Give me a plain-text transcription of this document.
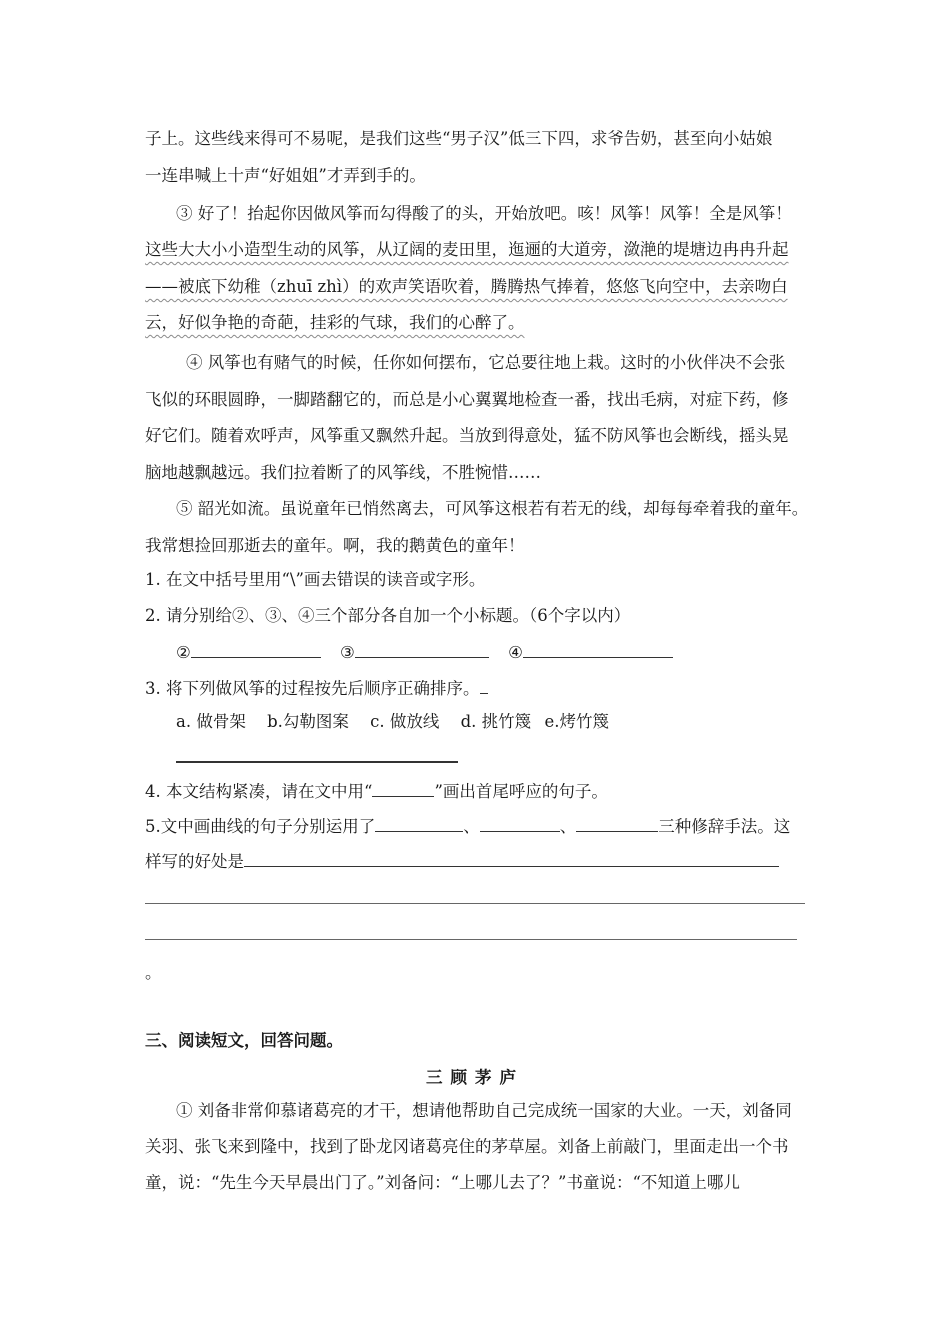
子上。这些线来得可不易呢，是我们这些“男子汉”低三下四，求爷告奶，甚至向小姑娘
一连串喊上十声“好姐姐”才弄到手的。
③ 好了！抬起你因做风筝而勾得酸了的头，开始放吧。咳！风筝！风筝！全是风筝！
这些大大小小造型生动的风筝，从辽阔的麦田里，迤逦的大道旁，潋滟的堤塘边冉冉升起
——被底下幼稚（zhuī zhì）的欢声笑语吹着，腾腾热气捧着，悠悠飞向空中，去亲吻白
云，好似争艳的奇葩，挂彩的气球，我们的心醉了。
④ 风筝也有赌气的时候，任你如何摆布，它总要往地上栽。这时的小伙伴决不会张
飞似的环眼圆睁，一脚踏翻它的，而总是小心翼翼地检查一番，找出毛病，对症下药，修
好它们。随着欢呼声，风筝重又飘然升起。当放到得意处，猛不防风筝也会断线，摇头晃
脑地越飘越远。我们拉着断了的风筝线，不胜惋惜……
⑤ 韶光如流。虽说童年已悄然离去，可风筝这根若有若无的线，却每每牵着我的童年。
我常想捡回那逝去的童年。啊，我的鹅黄色的童年！
1. 在文中括号里用“\”画去错误的读音或字形。
2. 请分别给②、③、④三个部分各自加一个小标题。（6个字以内）
②	③	④
3. 将下列做风筝的过程按先后顺序正确排序。
a. 做骨架 b.勾勒图案 c. 做放线 d. 挑竹篾 e.烤竹篾
4. 本文结构紧凑，请在文中用“	”画出首尾呼应的句子。
5.文中画曲线的句子分别运用了	、	、	三种修辞手法。这
样写的好处是
。
三、阅读短文，回答问题。
三顾茅庐
① 刘备非常仰慕诸葛亮的才干，想请他帮助自己完成统一国家的大业。一天，刘备同
关羽、张飞来到隆中，找到了卧龙冈诸葛亮住的茅草屋。刘备上前敲门，里面走出一个书
童，说：“先生今天早晨出门了。”刘备问：“上哪儿去了？”书童说：“不知道上哪儿
